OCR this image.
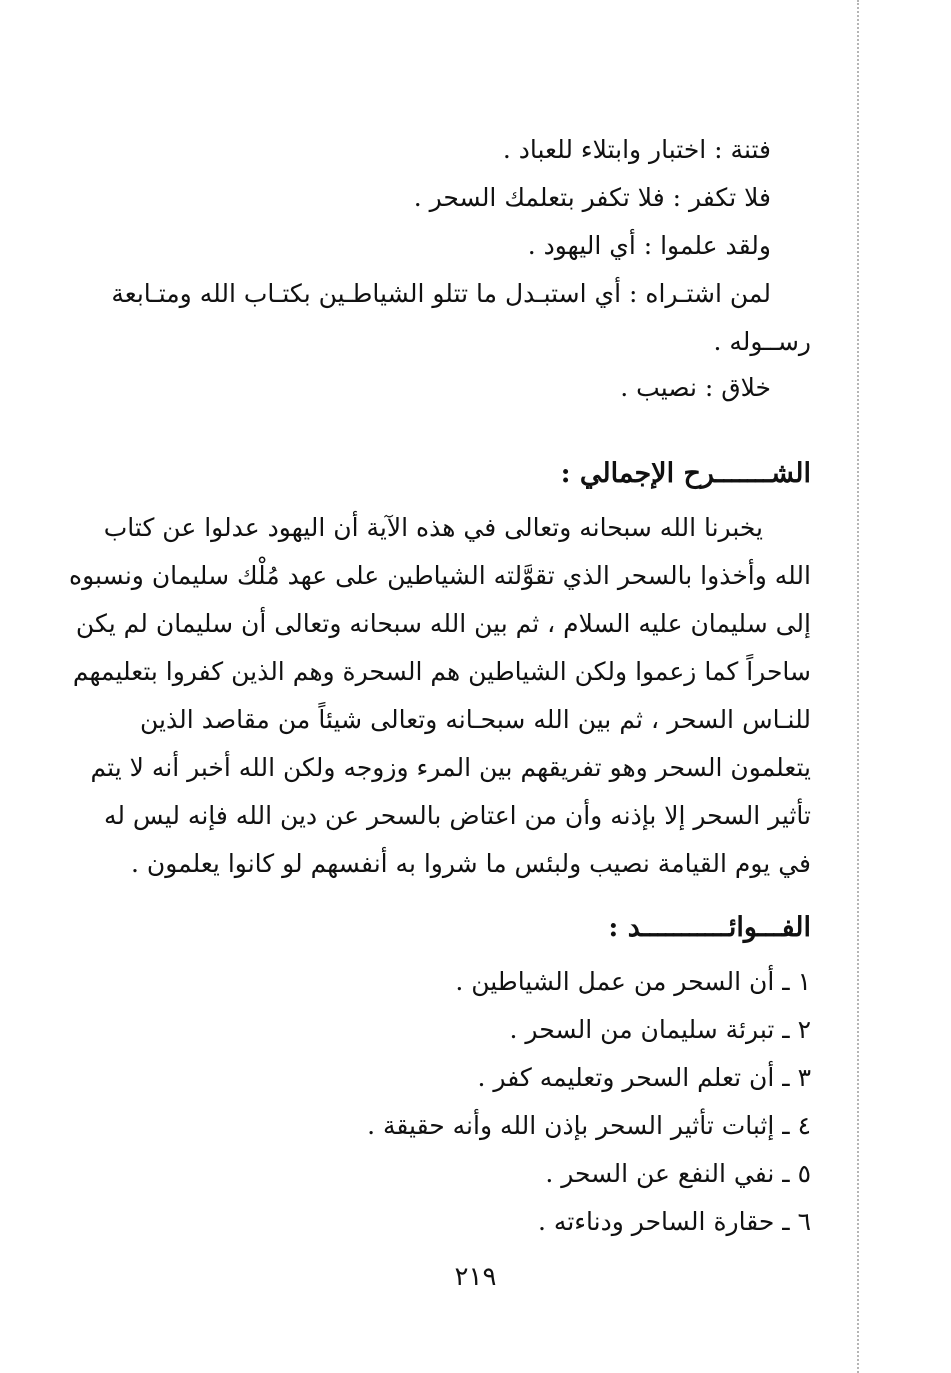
فتنة : اختبار وابتلاء للعباد .

فلا تكفر : فلا تكفر بتعلمك السحر .

ولقد علموا : أي اليهود .

لمن اشتـراه : أي استبـدل ما تتلو الشياطـين بكتـاب الله ومتـابعة

رســوله .

خلاق : نصيب .

الشـــــــرح الإجمالي :

يخبرنا الله سبحانه وتعالى في هذه الآية أن اليهود عدلوا عن كتاب

الله وأخذوا بالسحر الذي تقوَّلته الشياطين على عهد مُلْك سليمان ونسبوه

إلى سليمان عليه السلام ، ثم بين الله سبحانه وتعالى أن سليمان لم يكن

ساحراً كما زعموا ولكن الشياطين هم السحرة وهم الذين كفروا بتعليمهم

للنـاس السحر ، ثم بين الله سبحـانه وتعالى شيئاً من مقاصد الذين

يتعلمون السحر وهو تفريقهم بين المرء وزوجه ولكن الله أخبر أنه لا يتم

تأثير السحر إلا بإذنه وأن من اعتاض بالسحر عن دين الله فإنه ليس له

في يوم القيامة نصيب ولبئس ما شروا به أنفسهم لو كانوا يعلمون .

الفـــوائـــــــــــد :

١ ـ أن السحر من عمل الشياطين .

٢ ـ تبرئة سليمان من السحر .

٣ ـ أن تعلم السحر وتعليمه كفر .

٤ ـ إثبات تأثير السحر بإذن الله وأنه حقيقة .

٥ ـ نفي النفع عن السحر .

٦ ـ حقارة الساحر ودناءته .

٢١٩
